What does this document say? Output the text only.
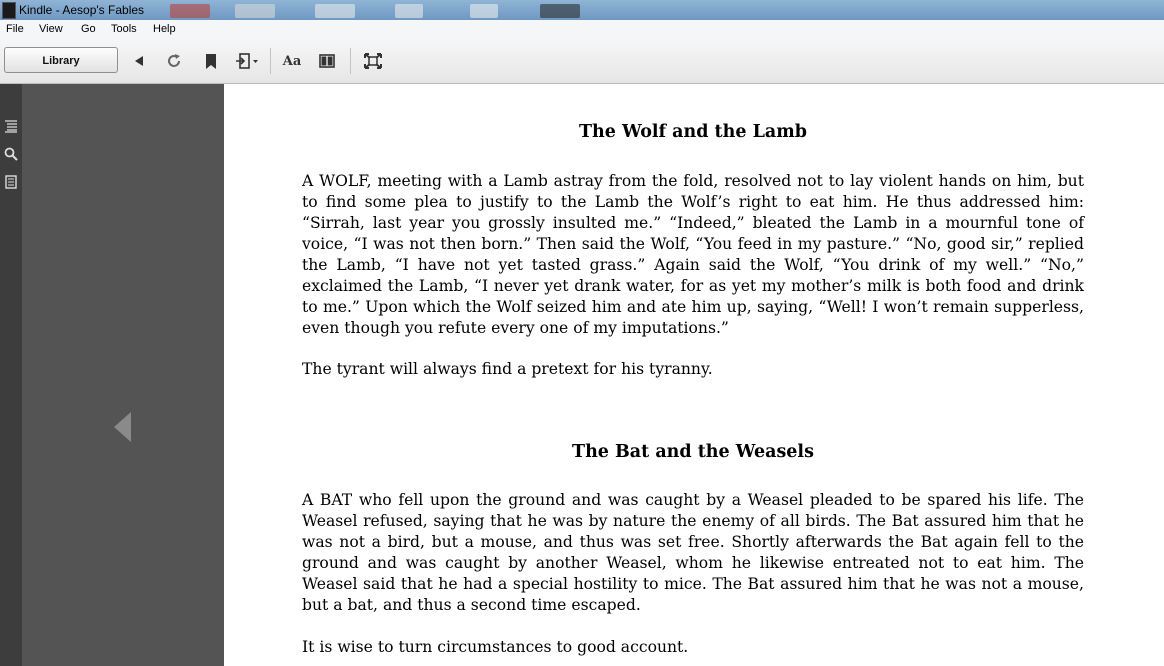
Kindle - Aesop's Fables
File View Go Tools Help
Library	Aa
The Wolf and the Lamb

A WOLF, meeting with a Lamb astray from the fold, resolved not to lay violent hands on him, but to find some plea to justify to the Lamb the Wolf’s right to eat him. He thus addressed him: “Sirrah, last year you grossly insulted me.” “Indeed,” bleated the Lamb in a mournful tone of voice, “I was not then born.” Then said the Wolf, “You feed in my pasture.” “No, good sir,” replied the Lamb, “I have not yet tasted grass.” Again said the Wolf, “You drink of my well.” “No,” exclaimed the Lamb, “I never yet drank water, for as yet my mother’s milk is both food and drink to me.” Upon which the Wolf seized him and ate him up, saying, “Well! I won’t remain supperless, even though you refute every one of my imputations.”

The tyrant will always find a pretext for his tyranny.

The Bat and the Weasels

A BAT who fell upon the ground and was caught by a Weasel pleaded to be spared his life. The Weasel refused, saying that he was by nature the enemy of all birds. The Bat assured him that he was not a bird, but a mouse, and thus was set free. Shortly afterwards the Bat again fell to the ground and was caught by another Weasel, whom he likewise entreated not to eat him. The Weasel said that he had a special hostility to mice. The Bat assured him that he was not a mouse, but a bat, and thus a second time escaped.

It is wise to turn circumstances to good account.
